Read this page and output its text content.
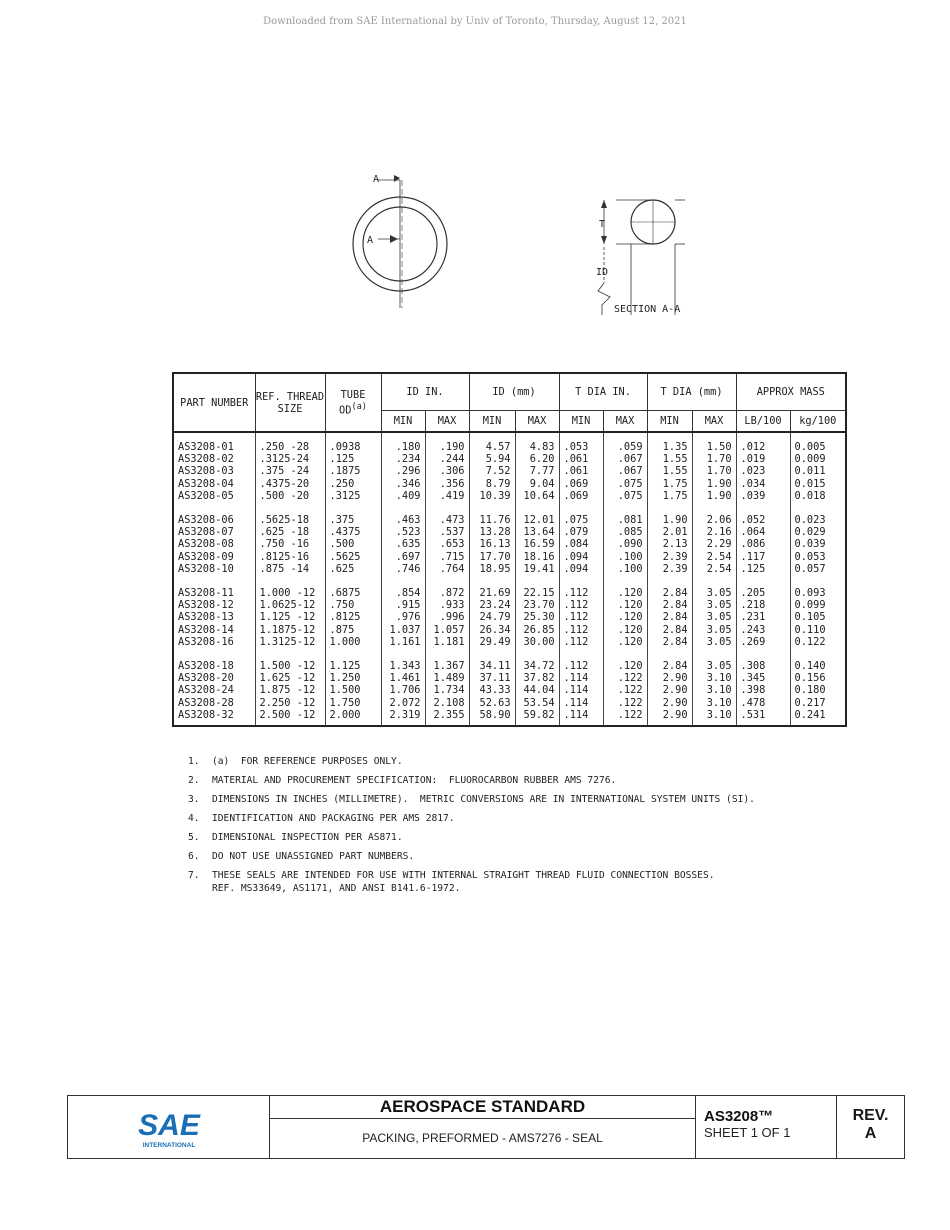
Downloaded from SAE International by Univ of Toronto, Thursday, August 12, 2021
A
A
T
ID
SECTION A-A
PART NUMBER	REF. THREAD SIZE	TUBE OD$^{(a)}$	ID IN.		ID (mm)		T DIA IN.		T DIA (mm)		APPROX MASS	
			MIN	MAX	MIN	MAX	MIN	MAX	MIN	MAX	LB/100	kg/100

AS3208-01	.250 -28	.0938	.180	.190	4.57	4.83	.053	.059	1.35	1.50	.012	0.005
AS3208-02	.3125-24	.125	.234	.244	5.94	6.20	.061	.067	1.55	1.70	.019	0.009
AS3208-03	.375 -24	.1875	.296	.306	7.52	7.77	.061	.067	1.55	1.70	.023	0.011
AS3208-04	.4375-20	.250	.346	.356	8.79	9.04	.069	.075	1.75	1.90	.034	0.015
AS3208-05	.500 -20	.3125	.409	.419	10.39	10.64	.069	.075	1.75	1.90	.039	0.018

AS3208-06	.5625-18	.375	.463	.473	11.76	12.01	.075	.081	1.90	2.06	.052	0.023
AS3208-07	.625 -18	.4375	.523	.537	13.28	13.64	.079	.085	2.01	2.16	.064	0.029
AS3208-08	.750 -16	.500	.635	.653	16.13	16.59	.084	.090	2.13	2.29	.086	0.039
AS3208-09	.8125-16	.5625	.697	.715	17.70	18.16	.094	.100	2.39	2.54	.117	0.053
AS3208-10	.875 -14	.625	.746	.764	18.95	19.41	.094	.100	2.39	2.54	.125	0.057

AS3208-11	1.000 -12	.6875	.854	.872	21.69	22.15	.112	.120	2.84	3.05	.205	0.093
AS3208-12	1.0625-12	.750	.915	.933	23.24	23.70	.112	.120	2.84	3.05	.218	0.099
AS3208-13	1.125 -12	.8125	.976	.996	24.79	25.30	.112	.120	2.84	3.05	.231	0.105
AS3208-14	1.1875-12	.875	1.037	1.057	26.34	26.85	.112	.120	2.84	3.05	.243	0.110
AS3208-16	1.3125-12	1.000	1.161	1.181	29.49	30.00	.112	.120	2.84	3.05	.269	0.122

AS3208-18	1.500 -12	1.125	1.343	1.367	34.11	34.72	.112	.120	2.84	3.05	.308	0.140
AS3208-20	1.625 -12	1.250	1.461	1.489	37.11	37.82	.114	.122	2.90	3.10	.345	0.156
AS3208-24	1.875 -12	1.500	1.706	1.734	43.33	44.04	.114	.122	2.90	3.10	.398	0.180
AS3208-28	2.250 -12	1.750	2.072	2.108	52.63	53.54	.114	.122	2.90	3.10	.478	0.217
AS3208-32	2.500 -12	2.000	2.319	2.355	58.90	59.82	.114	.122	2.90	3.10	.531	0.241

1.	(a)  FOR REFERENCE PURPOSES ONLY.
2.	MATERIAL AND PROCUREMENT SPECIFICATION:  FLUOROCARBON RUBBER AMS 7276.
3.	DIMENSIONS IN INCHES (MILLIMETRE).  METRIC CONVERSIONS ARE IN INTERNATIONAL SYSTEM UNITS (SI).
4.	IDENTIFICATION AND PACKAGING PER AMS 2817.
5.	DIMENSIONAL INSPECTION PER AS871.
6.	DO NOT USE UNASSIGNED PART NUMBERS.
7.	THESE SEALS ARE INTENDED FOR USE WITH INTERNAL STRAIGHT THREAD FLUID CONNECTION BOSSES.
REF. MS33649, AS1171, AND ANSI B141.6-1972.
SAE
INTERNATIONAL
AEROSPACE STANDARD
PACKING, PREFORMED - AMS7276 - SEAL
AS3208™
SHEET 1 OF 1
REV.
A
